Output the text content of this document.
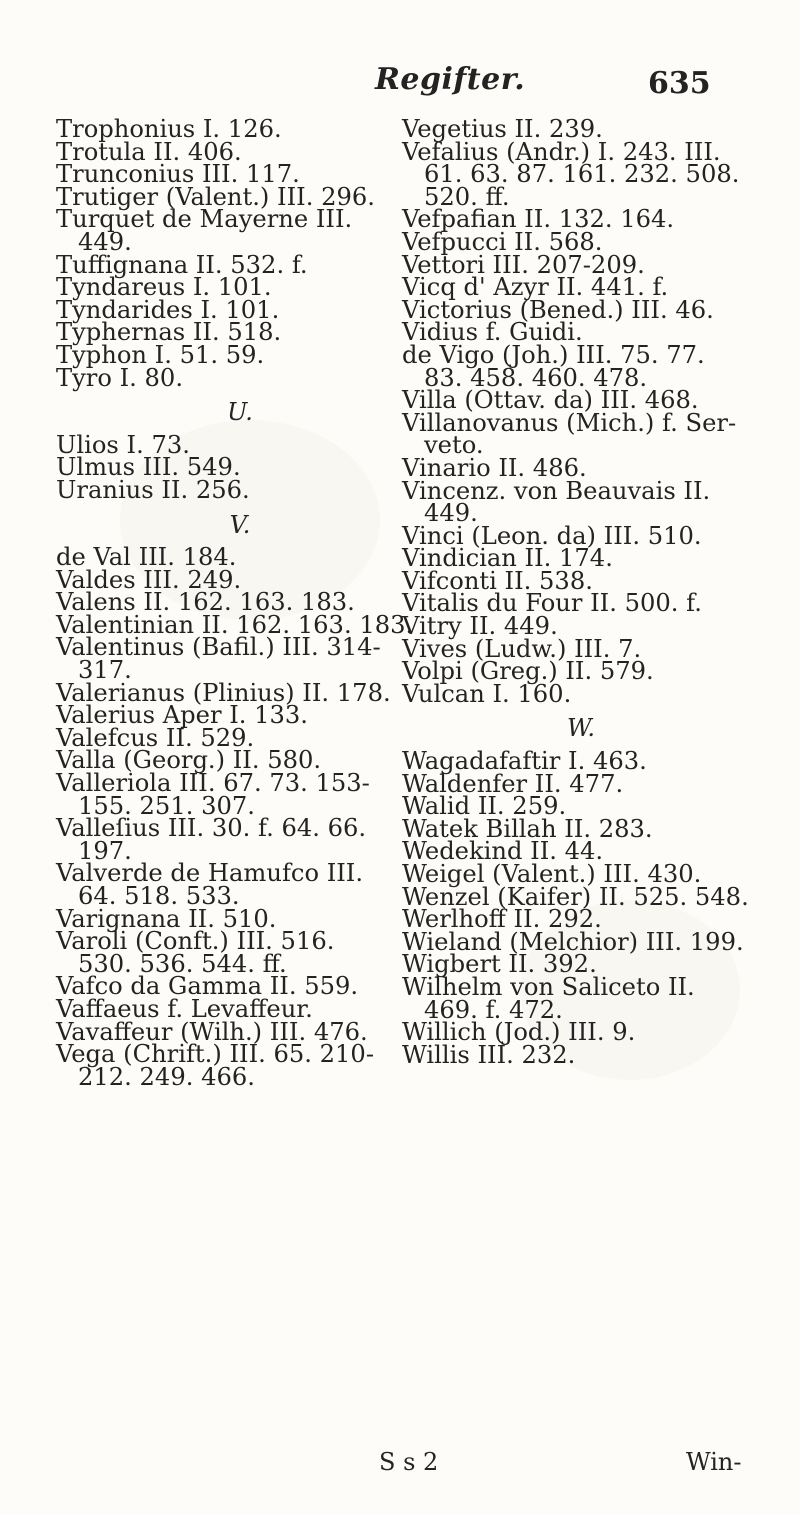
Regifter.	635
Trophonius I. 126.
Trotula II. 406.
Trunconius III. 117.
Trutiger (Valent.) III. 296.
Turquet de Mayerne III.
449.
Tuffignana II. 532. f.
Tyndareus I. 101.
Tyndarides I. 101.
Typhernas II. 518.
Typhon I. 51. 59.
Tyro I. 80.
U.
Ulios I. 73.
Ulmus III. 549.
Uranius II. 256.
V.
de Val III. 184.
Valdes III. 249.
Valens II. 162. 163. 183.
Valentinian II. 162. 163. 183.
Valentinus (Bafil.) III. 314-
317.
Valerianus (Plinius) II. 178.
Valerius Aper I. 133.
Valefcus II. 529.
Valla (Georg.) II. 580.
Valleriola III. 67. 73. 153-
155. 251. 307.
Valleſius III. 30. f. 64. 66.
197.
Valverde de Hamufco III.
64. 518. 533.
Varignana II. 510.
Varoli (Conft.) III. 516.
530. 536. 544. ff.
Vafco da Gamma II. 559.
Vaffaeus f. Levaffeur.
Vavaffeur (Wilh.) III. 476.
Vega (Chrift.) III. 65. 210-
212. 249. 466.
Vegetius II. 239.
Vefalius (Andr.) I. 243. III.
61. 63. 87. 161. 232. 508.
520. ff.
Vefpafian II. 132. 164.
Vefpucci II. 568.
Vettori III. 207-209.
Vicq d' Azyr II. 441. f.
Victorius (Bened.) III. 46.
Vidius f. Guidi.
de Vigo (Joh.) III. 75. 77.
83. 458. 460. 478.
Villa (Ottav. da) III. 468.
Villanovanus (Mich.) f. Ser-
veto.
Vinario II. 486.
Vincenz. von Beauvais II.
449.
Vinci (Leon. da) III. 510.
Vindician II. 174.
Vifconti II. 538.
Vitalis du Four II. 500. f.
Vitry II. 449.
Vives (Ludw.) III. 7.
Volpi (Greg.) II. 579.
Vulcan I. 160.
W.
Wagadafaftir I. 463.
Waldenfer II. 477.
Walid II. 259.
Watek Billah II. 283.
Wedekind II. 44.
Weigel (Valent.) III. 430.
Wenzel (Kaifer) II. 525. 548.
Werlhoff II. 292.
Wieland (Melchior) III. 199.
Wigbert II. 392.
Wilhelm von Saliceto II.
469. f. 472.
Willich (Jod.) III. 9.
Willis III. 232.
S s 2	Win-
